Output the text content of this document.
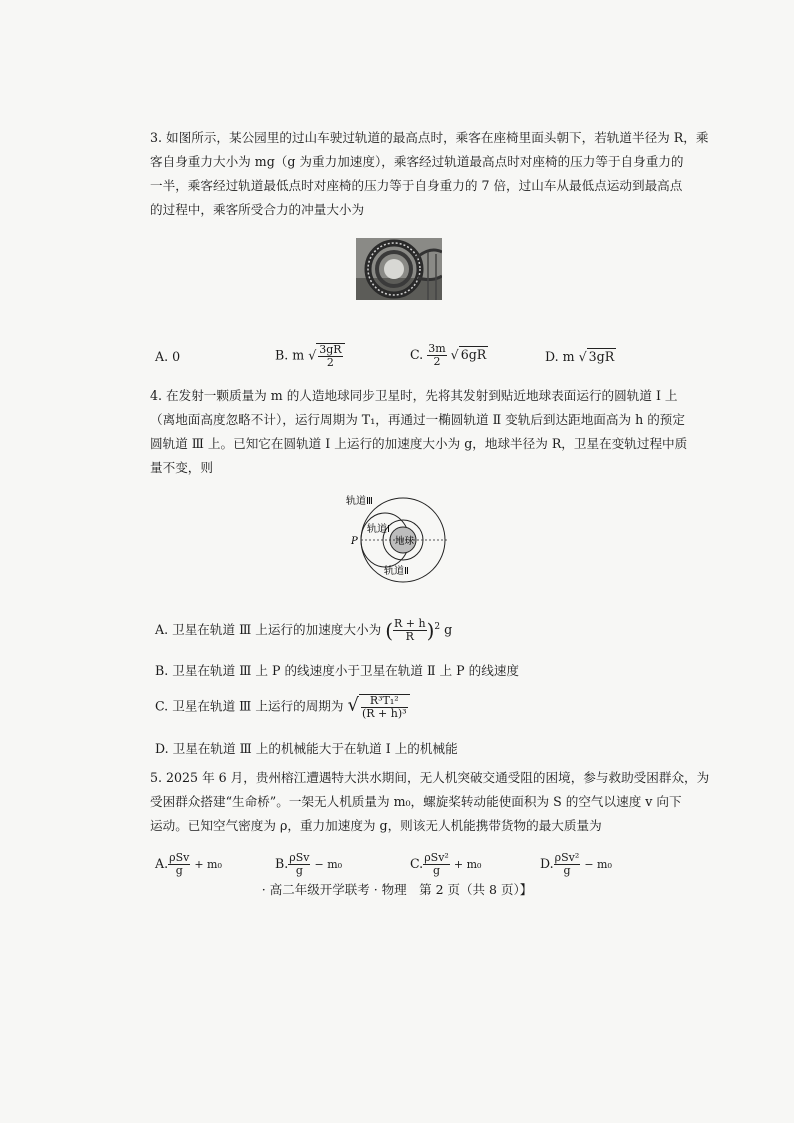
3. 如图所示，某公园里的过山车驶过轨道的最高点时，乘客在座椅里面头朝下，若轨道半径为 R，乘
客自身重力大小为 mg（g 为重力加速度），乘客经过轨道最高点时对座椅的压力等于自身重力的
一半，乘客经过轨道最低点时对座椅的压力等于自身重力的 7 倍，过山车从最低点运动到最高点
的过程中，乘客所受合力的冲量大小为
A. 0	B. m √ $\frac{3gR}{2}$	C. $\frac{3m}{2}$ √ 6gR	D. m √ 3gR
4. 在发射一颗质量为 m 的人造地球同步卫星时，先将其发射到贴近地球表面运行的圆轨道 Ⅰ 上
（离地面高度忽略不计），运行周期为 T₁，再通过一椭圆轨道 Ⅱ 变轨后到达距地面高为 h 的预定
圆轨道 Ⅲ 上。已知它在圆轨道 Ⅰ 上运行的加速度大小为 g，地球半径为 R，卫星在变轨过程中质
量不变，则
轨道Ⅲ
轨道Ⅰ
地球
P
轨道Ⅱ
A. 卫星在轨道 Ⅲ 上运行的加速度大小为 ( $\frac{R + h}{R} )^2$ g
B. 卫星在轨道 Ⅲ 上 P 的线速度小于卫星在轨道 Ⅱ 上 P 的线速度
C. 卫星在轨道 Ⅲ 上运行的周期为 √ $\frac{\text{R³T₁²}}{\text{(R + h)³}}$
D. 卫星在轨道 Ⅲ 上的机械能大于在轨道 Ⅰ 上的机械能
5. 2025 年 6 月，贵州榕江遭遇特大洪水期间，无人机突破交通受阻的困境，参与救助受困群众，为
受困群众搭建“生命桥”。一架无人机质量为 m₀，螺旋桨转动能使面积为 S 的空气以速度 v 向下
运动。已知空气密度为 ρ，重力加速度为 g，则该无人机能携带货物的最大质量为
A. $\frac{\text{ρSv}}{g} + m_0$	B. $\frac{\text{ρSv}}{g} - m_0$	C. $\frac{\text{ρSv²}}{g} + m_0$	D. $\frac{\text{ρSv²}}{g} - m_0$
· 高二年级开学联考 · 物理　第 2 页（共 8 页）】
